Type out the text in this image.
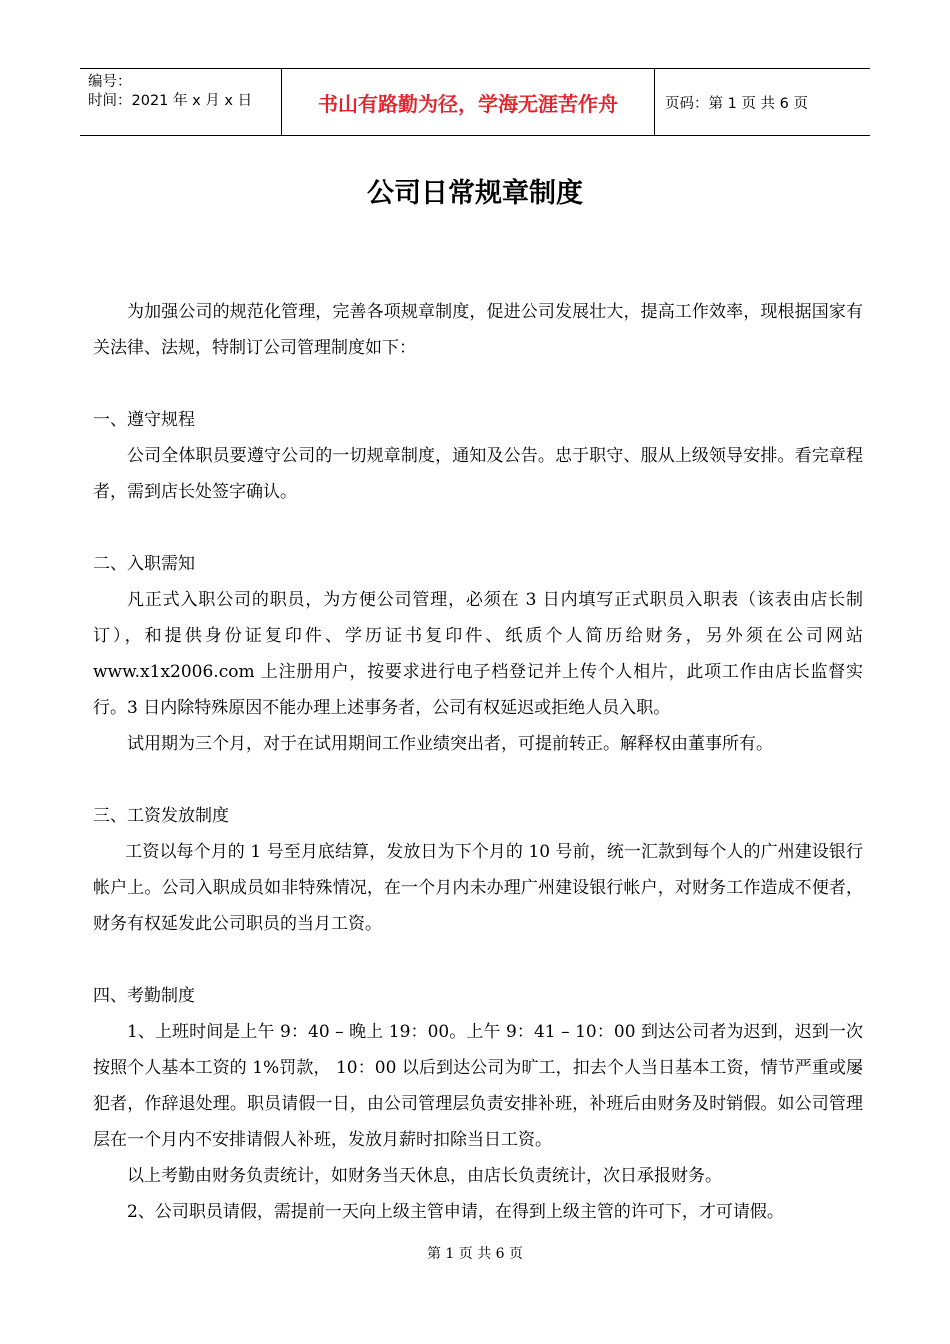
编号：
时间：2021 年 x 月 x 日	书山有路勤为径，学海无涯苦作舟	页码：第 1 页 共 6 页
公司日常规章制度

为加强公司的规范化管理，完善各项规章制度，促进公司发展壮大，提高工作效率，现根据国家有关法律、法规，特制订公司管理制度如下：

一、遵守规程

公司全体职员要遵守公司的一切规章制度，通知及公告。忠于职守、服从上级领导安排。看完章程者，需到店长处签字确认。

二、入职需知

凡正式入职公司的职员，为方便公司管理，必须在 3 日内填写正式职员入职表（该表由店长制订），和提供身份证复印件、学历证书复印件、纸质个人简历给财务，另外须在公司网站 www.x1x2006.com 上注册用户，按要求进行电子档登记并上传个人相片，此项工作由店长监督实行。3 日内除特殊原因不能办理上述事务者，公司有权延迟或拒绝人员入职。

试用期为三个月，对于在试用期间工作业绩突出者，可提前转正。解释权由董事所有。

三、工资发放制度

工资以每个月的 1 号至月底结算，发放日为下个月的 10 号前，统一汇款到每个人的广州建设银行帐户上。公司入职成员如非特殊情况，在一个月内未办理广州建设银行帐户，对财务工作造成不便者，财务有权延发此公司职员的当月工资。

四、考勤制度

1、上班时间是上午 9：40 – 晚上 19：00。上午 9：41 – 10：00 到达公司者为迟到，迟到一次按照个人基本工资的 1%罚款， 10：00 以后到达公司为旷工，扣去个人当日基本工资，情节严重或屡犯者，作辞退处理。职员请假一日，由公司管理层负责安排补班，补班后由财务及时销假。如公司管理层在一个月内不安排请假人补班，发放月薪时扣除当日工资。

以上考勤由财务负责统计，如财务当天休息，由店长负责统计，次日承报财务。

2、公司职员请假，需提前一天向上级主管申请，在得到上级主管的许可下，才可请假。

第 1 页 共 6 页
